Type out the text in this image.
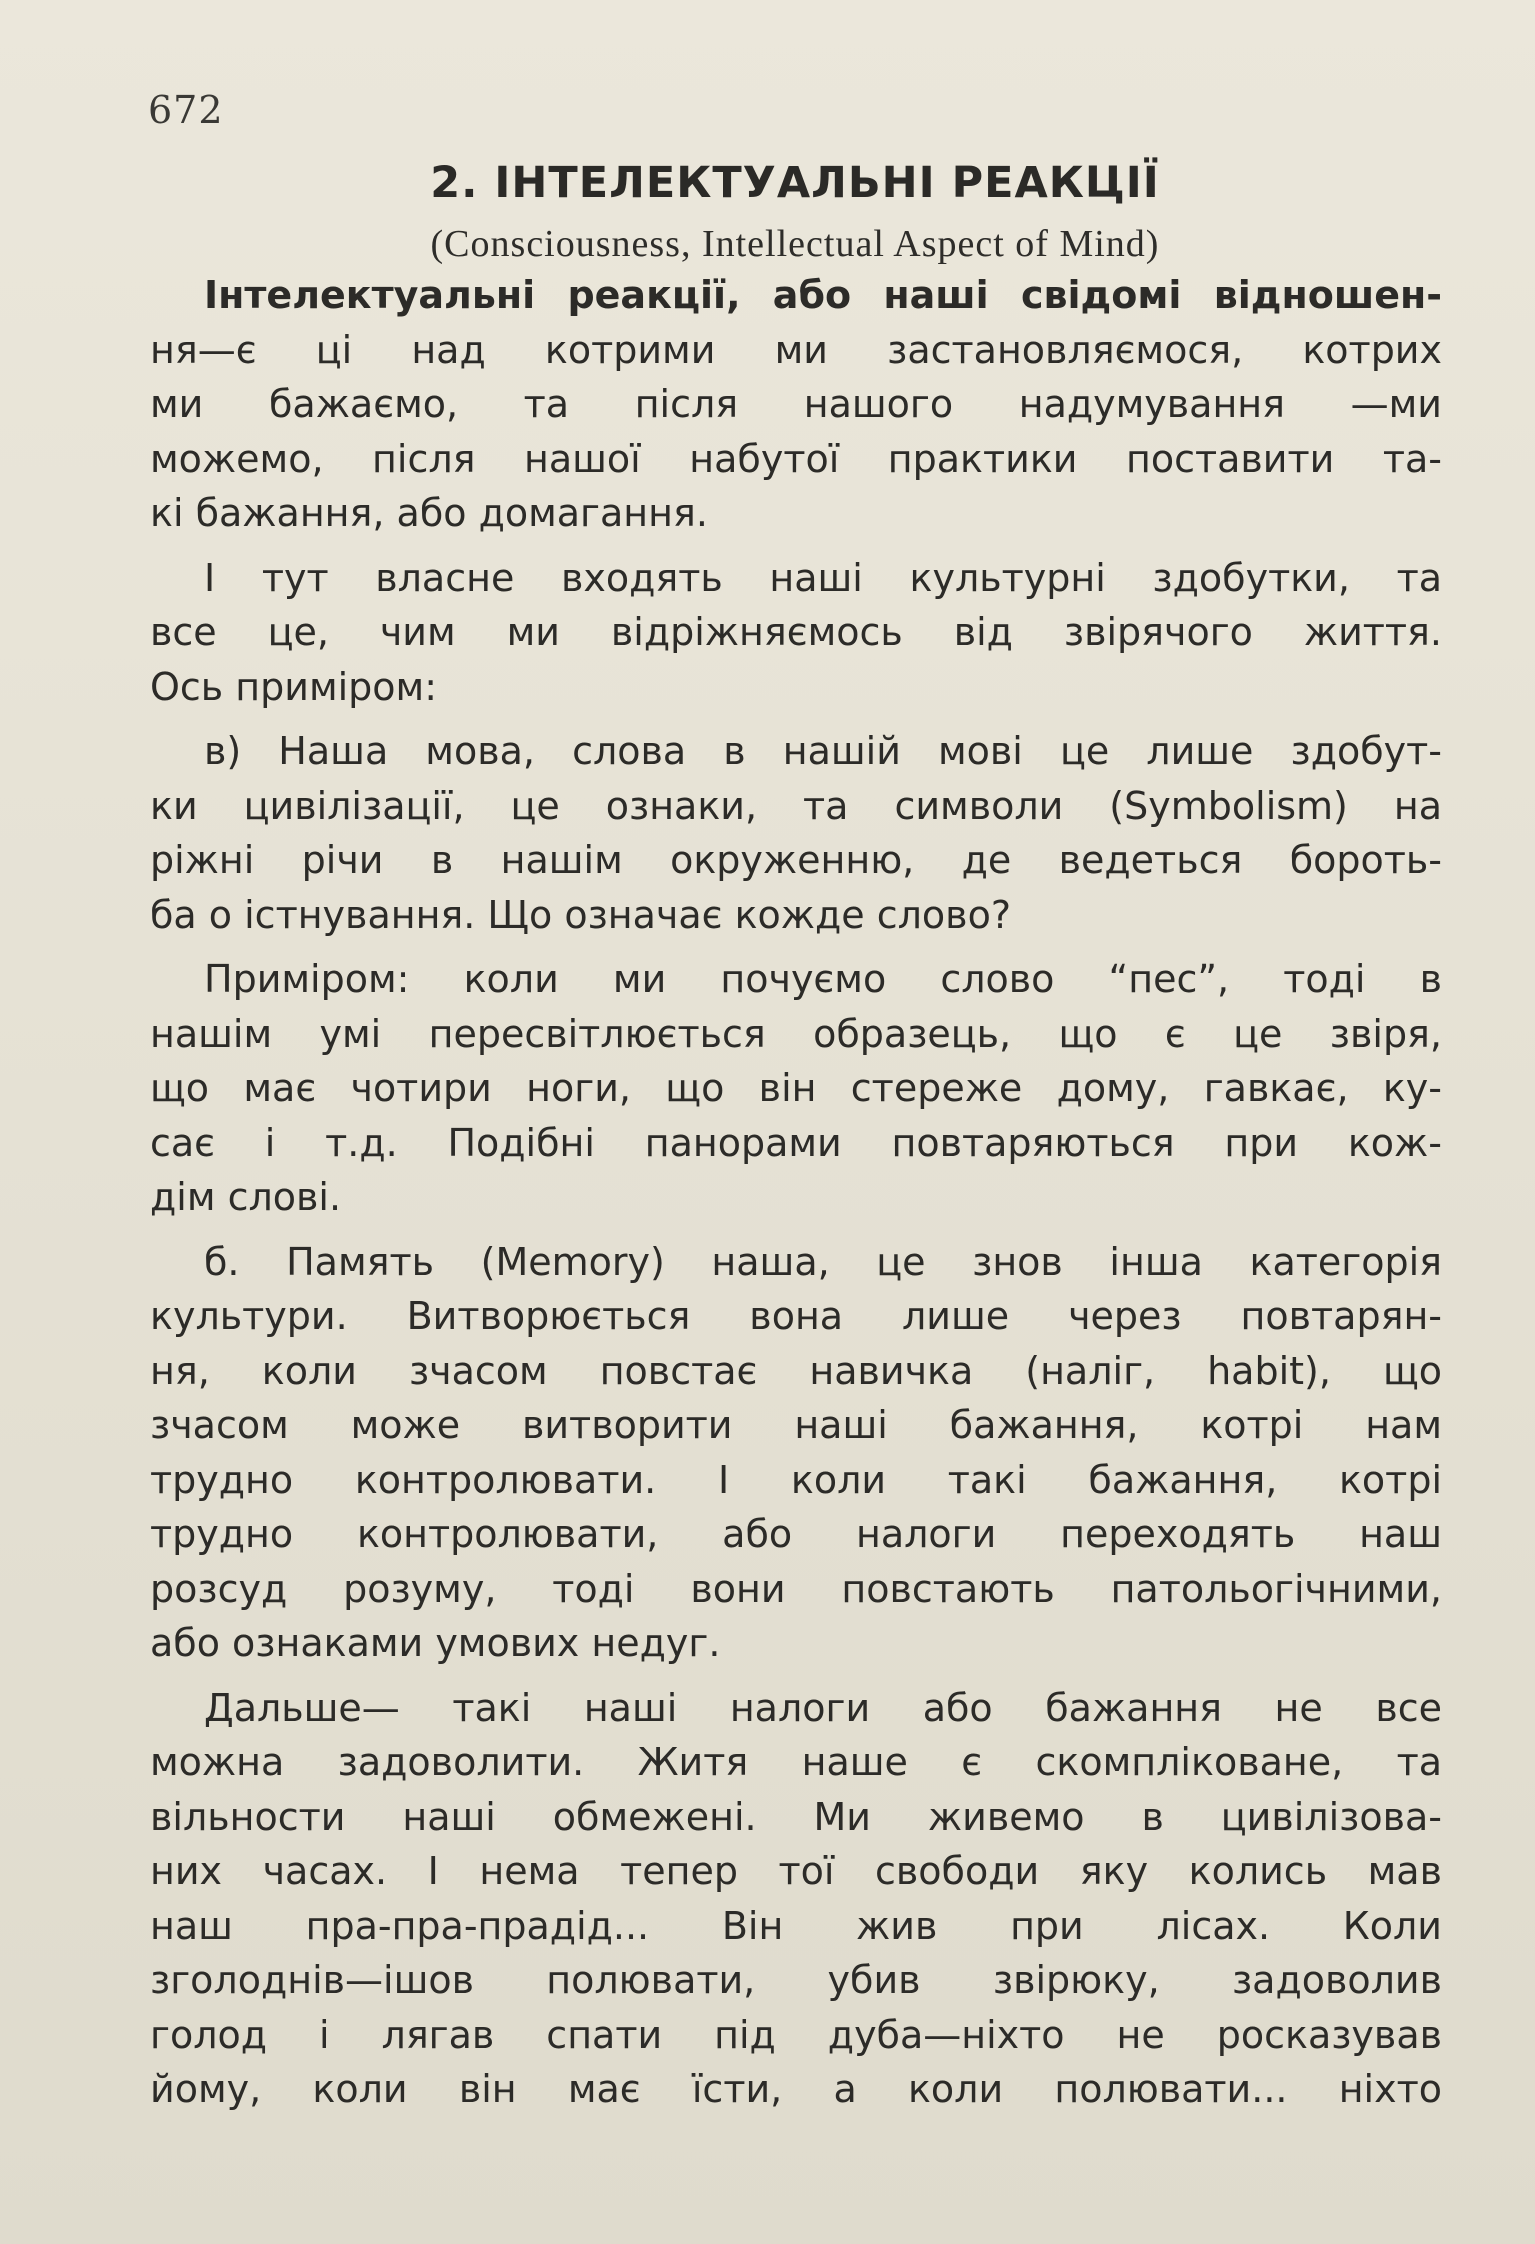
672
2. ІНТЕЛЕКТУАЛЬНІ РЕАКЦІЇ
(Consciousness, Intellectual Aspect of Mind)
Інтелектуальні реакції, або наші свідомі відношен-
ня—є ці над котрими ми застановляємося, котрих
ми бажаємо, та після нашого надумування —ми
можемо, після нашої набутої практики поставити та-
кі бажання, або домагання.
І тут власне входять наші культурні здобутки, та
все це, чим ми відріжняємось від звірячого життя.
Ось приміром:
в) Наша мова, слова в нашій мові це лише здобут-
ки цивілізації, це ознаки, та символи (Symbolism) на
ріжні річи в нашім окруженню, де ведеться бороть-
ба о істнування. Що означає кожде слово?
Приміром: коли ми почуємо слово “пес”, тоді в
нашім умі пересвітлюється образець, що є це звіря,
що має чотири ноги, що він стереже дому, гавкає, ку-
сає і т.д. Подібні панорами повтаряються при кож-
дім слові.
б. Память (Memory) наша, це знов інша категорія
культури. Витворюється вона лише через повтарян-
ня, коли зчасом повстає навичка (наліг, habit), що
зчасом може витворити наші бажання, котрі нам
трудно контролювати. І коли такі бажання, котрі
трудно контролювати, або налоги переходять наш
розсуд розуму, тоді вони повстають патольогічними,
або ознаками умових недуг.
Дальше— такі наші налоги або бажання не все
можна задоволити. Житя наше є скомпліковане, та
вільности наші обмежені. Ми живемо в цивілізова-
них часах. І нема тепер тої свободи яку колись мав
наш пра-пра-прадід... Він жив при лісах. Коли
зголоднів—ішов полювати, убив звірюку, задоволив
голод і лягав спати під дуба—ніхто не росказував
йому, коли він має їсти, а коли полювати... ніхто
